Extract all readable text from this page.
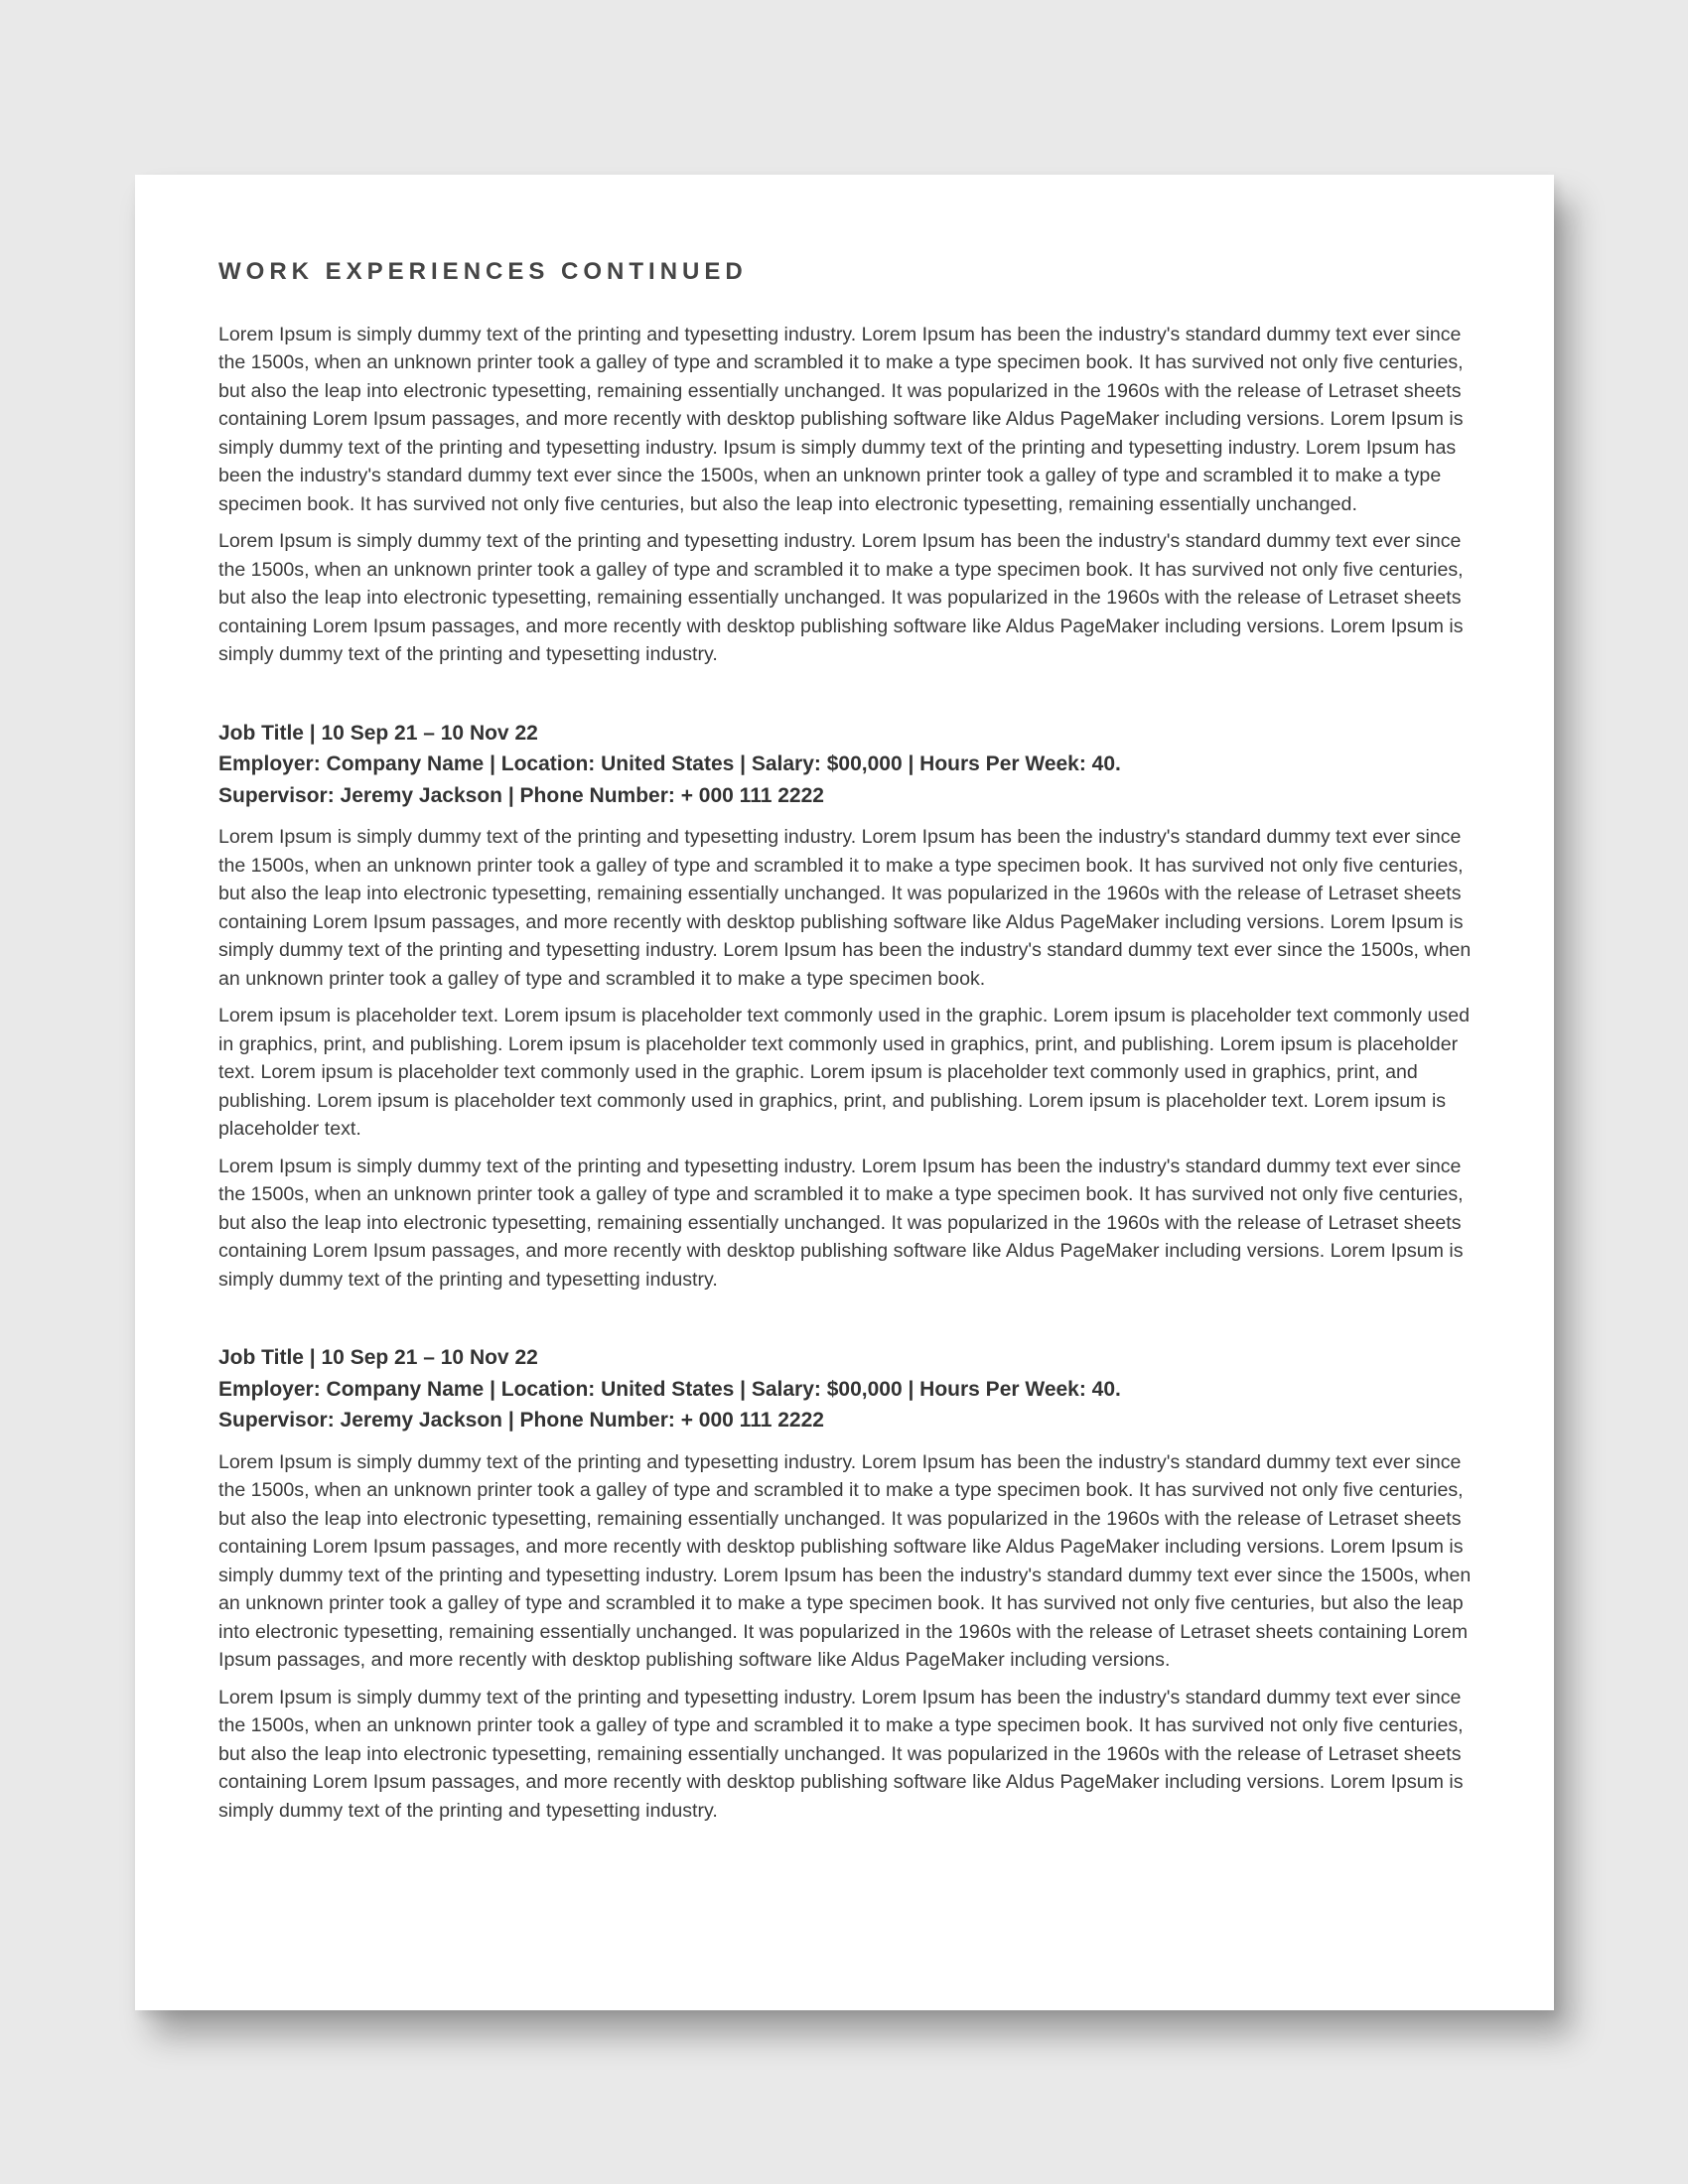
WORK EXPERIENCES CONTINUED

Lorem Ipsum is simply dummy text of the printing and typesetting industry. Lorem Ipsum has been the industry's standard dummy text ever since the 1500s, when an unknown printer took a galley of type and scrambled it to make a type specimen book. It has survived not only five centuries, but also the leap into electronic typesetting, remaining essentially unchanged. It was popularized in the 1960s with the release of Letraset sheets containing Lorem Ipsum passages, and more recently with desktop publishing software like Aldus PageMaker including versions. Lorem Ipsum is simply dummy text of the printing and typesetting industry. Ipsum is simply dummy text of the printing and typesetting industry. Lorem Ipsum has been the industry's standard dummy text ever since the 1500s, when an unknown printer took a galley of type and scrambled it to make a type specimen book. It has survived not only five centuries, but also the leap into electronic typesetting, remaining essentially unchanged.

Lorem Ipsum is simply dummy text of the printing and typesetting industry. Lorem Ipsum has been the industry's standard dummy text ever since the 1500s, when an unknown printer took a galley of type and scrambled it to make a type specimen book. It has survived not only five centuries, but also the leap into electronic typesetting, remaining essentially unchanged. It was popularized in the 1960s with the release of Letraset sheets containing Lorem Ipsum passages, and more recently with desktop publishing software like Aldus PageMaker including versions. Lorem Ipsum is simply dummy text of the printing and typesetting industry.

Job Title | 10 Sep 21 – 10 Nov 22
Employer: Company Name | Location: United States | Salary: $00,000 | Hours Per Week: 40.
Supervisor: Jeremy Jackson | Phone Number: + 000 111 2222

Lorem Ipsum is simply dummy text of the printing and typesetting industry. Lorem Ipsum has been the industry's standard dummy text ever since the 1500s, when an unknown printer took a galley of type and scrambled it to make a type specimen book. It has survived not only five centuries, but also the leap into electronic typesetting, remaining essentially unchanged. It was popularized in the 1960s with the release of Letraset sheets containing Lorem Ipsum passages, and more recently with desktop publishing software like Aldus PageMaker including versions. Lorem Ipsum is simply dummy text of the printing and typesetting industry. Lorem Ipsum has been the industry's standard dummy text ever since the 1500s, when an unknown printer took a galley of type and scrambled it to make a type specimen book.

Lorem ipsum is placeholder text. Lorem ipsum is placeholder text commonly used in the graphic. Lorem ipsum is placeholder text commonly used in graphics, print, and publishing. Lorem ipsum is placeholder text commonly used in graphics, print, and publishing. Lorem ipsum is placeholder text. Lorem ipsum is placeholder text commonly used in the graphic. Lorem ipsum is placeholder text commonly used in graphics, print, and publishing. Lorem ipsum is placeholder text commonly used in graphics, print, and publishing. Lorem ipsum is placeholder text. Lorem ipsum is placeholder text.

Lorem Ipsum is simply dummy text of the printing and typesetting industry. Lorem Ipsum has been the industry's standard dummy text ever since the 1500s, when an unknown printer took a galley of type and scrambled it to make a type specimen book. It has survived not only five centuries, but also the leap into electronic typesetting, remaining essentially unchanged. It was popularized in the 1960s with the release of Letraset sheets containing Lorem Ipsum passages, and more recently with desktop publishing software like Aldus PageMaker including versions. Lorem Ipsum is simply dummy text of the printing and typesetting industry.

Job Title | 10 Sep 21 – 10 Nov 22
Employer: Company Name | Location: United States | Salary: $00,000 | Hours Per Week: 40.
Supervisor: Jeremy Jackson | Phone Number: + 000 111 2222

Lorem Ipsum is simply dummy text of the printing and typesetting industry. Lorem Ipsum has been the industry's standard dummy text ever since the 1500s, when an unknown printer took a galley of type and scrambled it to make a type specimen book. It has survived not only five centuries, but also the leap into electronic typesetting, remaining essentially unchanged. It was popularized in the 1960s with the release of Letraset sheets containing Lorem Ipsum passages, and more recently with desktop publishing software like Aldus PageMaker including versions. Lorem Ipsum is simply dummy text of the printing and typesetting industry. Lorem Ipsum has been the industry's standard dummy text ever since the 1500s, when an unknown printer took a galley of type and scrambled it to make a type specimen book. It has survived not only five centuries, but also the leap into electronic typesetting, remaining essentially unchanged. It was popularized in the 1960s with the release of Letraset sheets containing Lorem Ipsum passages, and more recently with desktop publishing software like Aldus PageMaker including versions.

Lorem Ipsum is simply dummy text of the printing and typesetting industry. Lorem Ipsum has been the industry's standard dummy text ever since the 1500s, when an unknown printer took a galley of type and scrambled it to make a type specimen book. It has survived not only five centuries, but also the leap into electronic typesetting, remaining essentially unchanged. It was popularized in the 1960s with the release of Letraset sheets containing Lorem Ipsum passages, and more recently with desktop publishing software like Aldus PageMaker including versions. Lorem Ipsum is simply dummy text of the printing and typesetting industry.
